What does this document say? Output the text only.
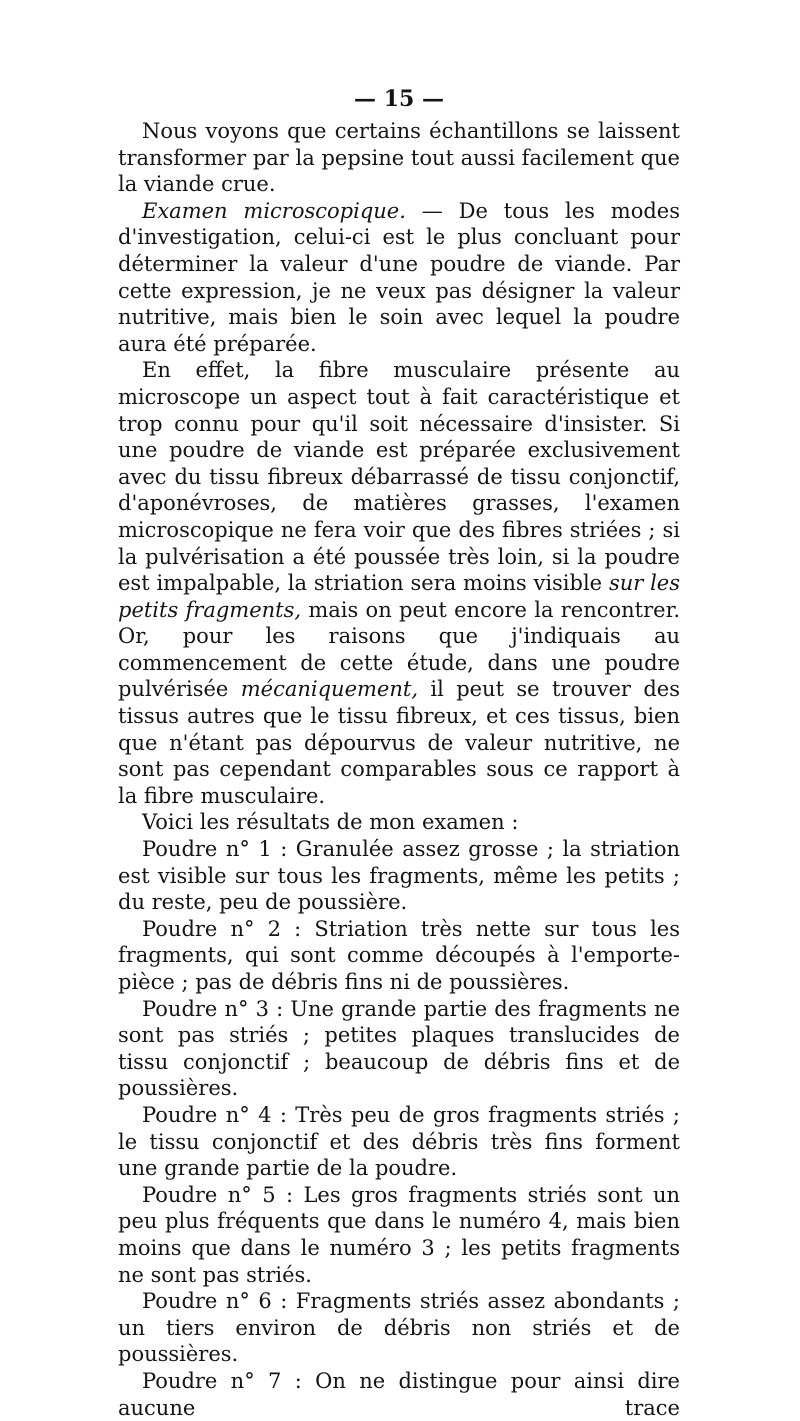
— 15 —

Nous voyons que certains échantillons se laissent transformer par la pepsine tout aussi facilement que la viande crue.

Examen microscopique. — De tous les modes d'investigation, celui-ci est le plus concluant pour déterminer la valeur d'une poudre de viande. Par cette expression, je ne veux pas désigner la valeur nutritive, mais bien le soin avec lequel la poudre aura été préparée.

En effet, la fibre musculaire présente au microscope un aspect tout à fait caractéristique et trop connu pour qu'il soit nécessaire d'insister. Si une poudre de viande est préparée exclusivement avec du tissu fibreux débarrassé de tissu conjonctif, d'aponévroses, de matières grasses, l'examen microscopique ne fera voir que des fibres striées ; si la pulvérisation a été poussée très loin, si la poudre est impalpable, la striation sera moins visible sur les petits fragments, mais on peut encore la rencontrer. Or, pour les raisons que j'indiquais au commencement de cette étude, dans une poudre pulvérisée mécaniquement, il peut se trouver des tissus autres que le tissu fibreux, et ces tissus, bien que n'étant pas dépourvus de valeur nutritive, ne sont pas cependant comparables sous ce rapport à la fibre musculaire.

Voici les résultats de mon examen :

Poudre n° 1 : Granulée assez grosse ; la striation est visible sur tous les fragments, même les petits ; du reste, peu de poussière.

Poudre n° 2 : Striation très nette sur tous les fragments, qui sont comme découpés à l'emporte-pièce ; pas de débris fins ni de poussières.

Poudre n° 3 : Une grande partie des fragments ne sont pas striés ; petites plaques translucides de tissu conjonctif ; beaucoup de débris fins et de poussières.

Poudre n° 4 : Très peu de gros fragments striés ; le tissu conjonctif et des débris très fins forment une grande partie de la poudre.

Poudre n° 5 : Les gros fragments striés sont un peu plus fréquents que dans le numéro 4, mais bien moins que dans le numéro 3 ; les petits fragments ne sont pas striés.

Poudre n° 6 : Fragments striés assez abondants ; un tiers environ de débris non striés et de poussières.

Poudre n° 7 : On ne distingue pour ainsi dire aucune trace
